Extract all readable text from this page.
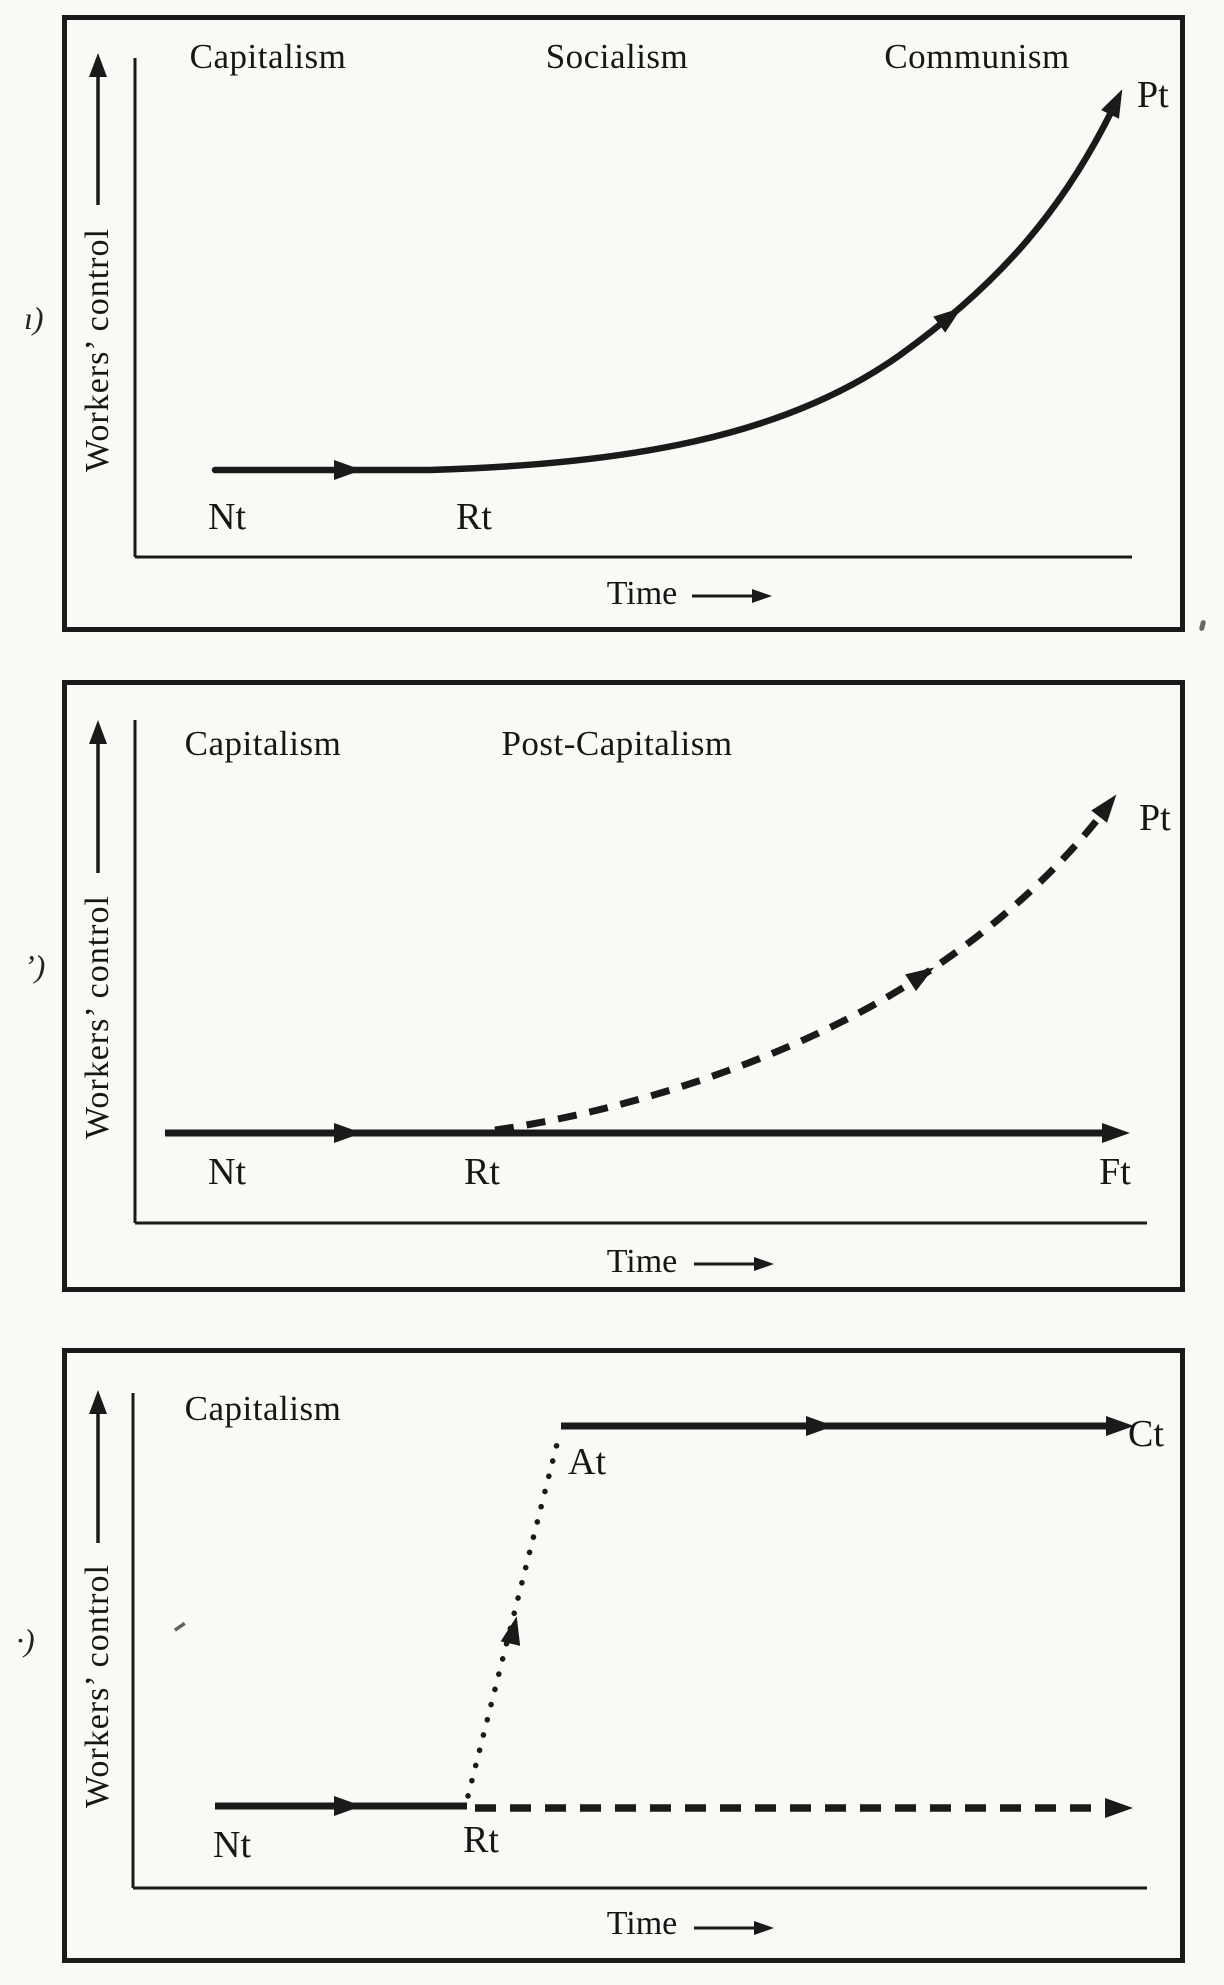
Capitalism	Socialism	Communism
Pt
Nt	Rt
Time
Workers’ control
Capitalism	Post-Capitalism
Pt
Nt	Rt	Ft
Time
Workers’ control
Capitalism
At
Ct
Nt	Rt
Time
Workers’ control
ı)
’)
·)
